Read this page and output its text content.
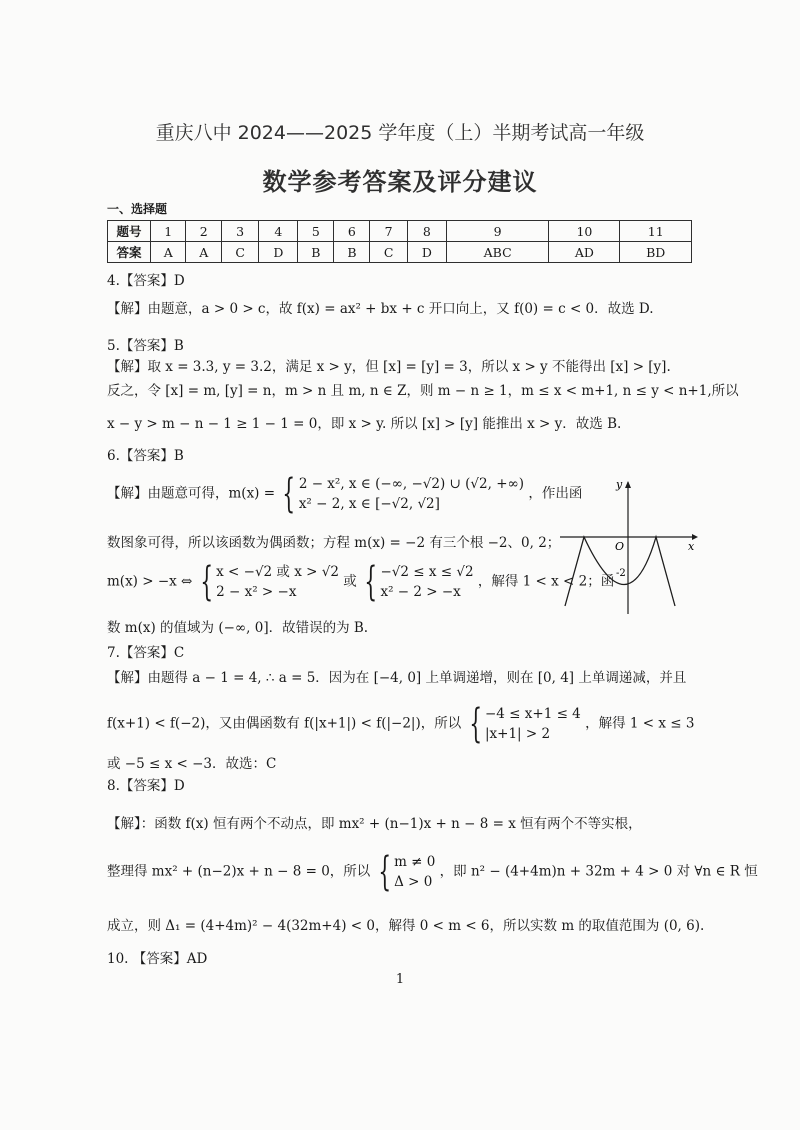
重庆八中 2024——2025 学年度（上）半期考试高一年级
数学参考答案及评分建议
一、选择题
题号	1	2	3	4	5	6	7	8	9	10	11
答案	A	A	C	D	B	B	C	D	ABC	AD	BD
4.【答案】D
【解】由题意，a > 0 > c，故 f(x) = ax² + bx + c 开口向上，又 f(0) = c < 0．故选 D.
5.【答案】B
【解】取 x = 3.3, y = 3.2，满足 x > y，但 [x] = [y] = 3，所以 x > y 不能得出 [x] > [y].
反之，令 [x] = m, [y] = n，m > n 且 m, n ∈ Z，则 m − n ≥ 1，m ≤ x < m+1, n ≤ y < n+1,所以
x − y > m − n − 1 ≥ 1 − 1 = 0，即 x > y. 所以 [x] > [y] 能推出 x > y．故选 B.
6.【答案】B
【解】由题意可得，m(x) = { 2 − x², x ∈ (−∞, −√2) ∪ (√2, +∞)
x² − 2, x ∈ [−√2, √2]
，作出函
数图象可得，所以该函数为偶函数；方程 m(x) = −2 有三个根 −2、0, 2；
m(x) > −x ⇔ { x < −√2 或 x > √2
2 − x² > −x
或 { −√2 ≤ x ≤ √2
x² − 2 > −x
，解得 1 < x < 2；函
数 m(x) 的值域为 (−∞, 0]．故错误的为 B.
y
x
O
-2
7.【答案】C
【解】由题得 a − 1 = 4, ∴ a = 5．因为在 [−4, 0] 上单调递增，则在 [0, 4] 上单调递减，并且
f(x+1) < f(−2)，又由偶函数有 f(|x+1|) < f(|−2|)，所以 { −4 ≤ x+1 ≤ 4
|x+1| > 2
，解得 1 < x ≤ 3
或 −5 ≤ x < −3．故选：C
8.【答案】D
【解】：函数 f(x) 恒有两个不动点，即 mx² + (n−1)x + n − 8 = x 恒有两个不等实根，
整理得 mx² + (n−2)x + n − 8 = 0，所以 { m ≠ 0
Δ > 0
，即 n² − (4+4m)n + 32m + 4 > 0 对 ∀n ∈ R 恒
成立，则 Δ₁ = (4+4m)² − 4(32m+4) < 0，解得 0 < m < 6，所以实数 m 的取值范围为 (0, 6).
10. 【答案】AD
1
